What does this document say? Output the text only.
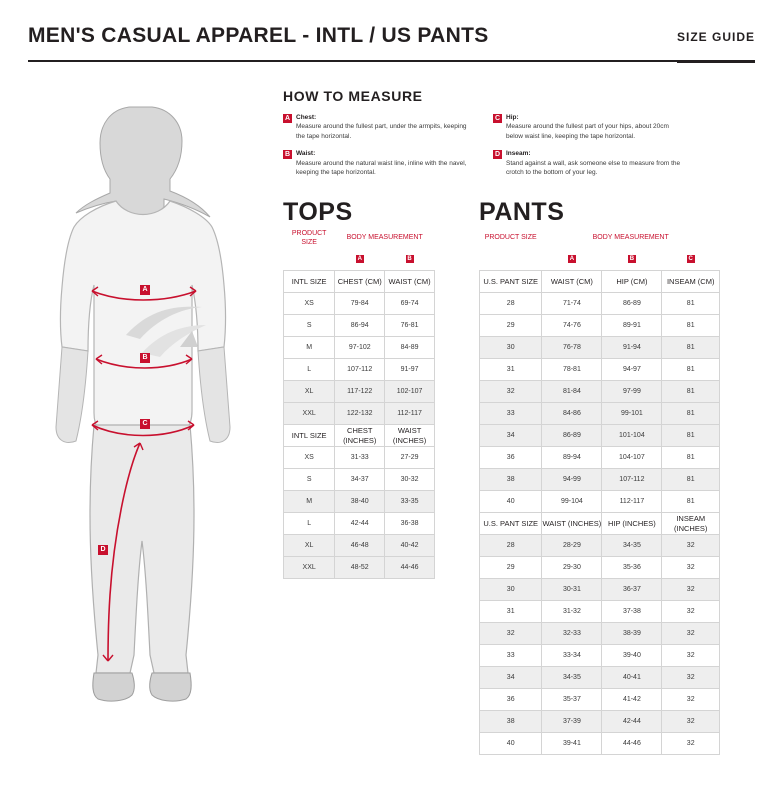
MEN'S CASUAL APPAREL - INTL / US PANTS	SIZE GUIDE
A
B
C
D
HOW TO MEASURE
A Chest:
Measure around the fullest part, under the armpits, keeping the tape horizontal.
B Waist:
Measure around the natural waist line, inline with the navel, keeping the tape horizontal.
C Hip:
Measure around the fullest part of your hips, about 20cm below waist line, keeping the tape horizontal.
D Inseam:
Stand against a wall, ask someone else to measure from the crotch to the bottom of your leg.
TOPS	PANTS
PRODUCT SIZE	BODY MEASUREMENT	
	A	B
INTL SIZE	CHEST (CM)	WAIST (CM)
XS	79-84	69-74
S	86-94	76-81
M	97-102	84-89
L	107-112	91-97
XL	117-122	102-107
XXL	122-132	112-117
INTL SIZE	CHEST (INCHES)	WAIST (INCHES)
XS	31-33	27-29
S	34-37	30-32
M	38-40	33-35
L	42-44	36-38
XL	46-48	40-42
XXL	48-52	44-46
PRODUCT SIZE	BODY MEASUREMENT		
	A	B	C
U.S. PANT SIZE	WAIST (CM)	HIP (CM)	INSEAM (CM)
28	71-74	86-89	81
29	74-76	89-91	81
30	76-78	91-94	81
31	78-81	94-97	81
32	81-84	97-99	81
33	84-86	99-101	81
34	86-89	101-104	81
36	89-94	104-107	81
38	94-99	107-112	81
40	99-104	112-117	81
U.S. PANT SIZE	WAIST (INCHES)	HIP (INCHES)	INSEAM (INCHES)
28	28-29	34-35	32
29	29-30	35-36	32
30	30-31	36-37	32
31	31-32	37-38	32
32	32-33	38-39	32
33	33-34	39-40	32
34	34-35	40-41	32
36	35-37	41-42	32
38	37-39	42-44	32
40	39-41	44-46	32
